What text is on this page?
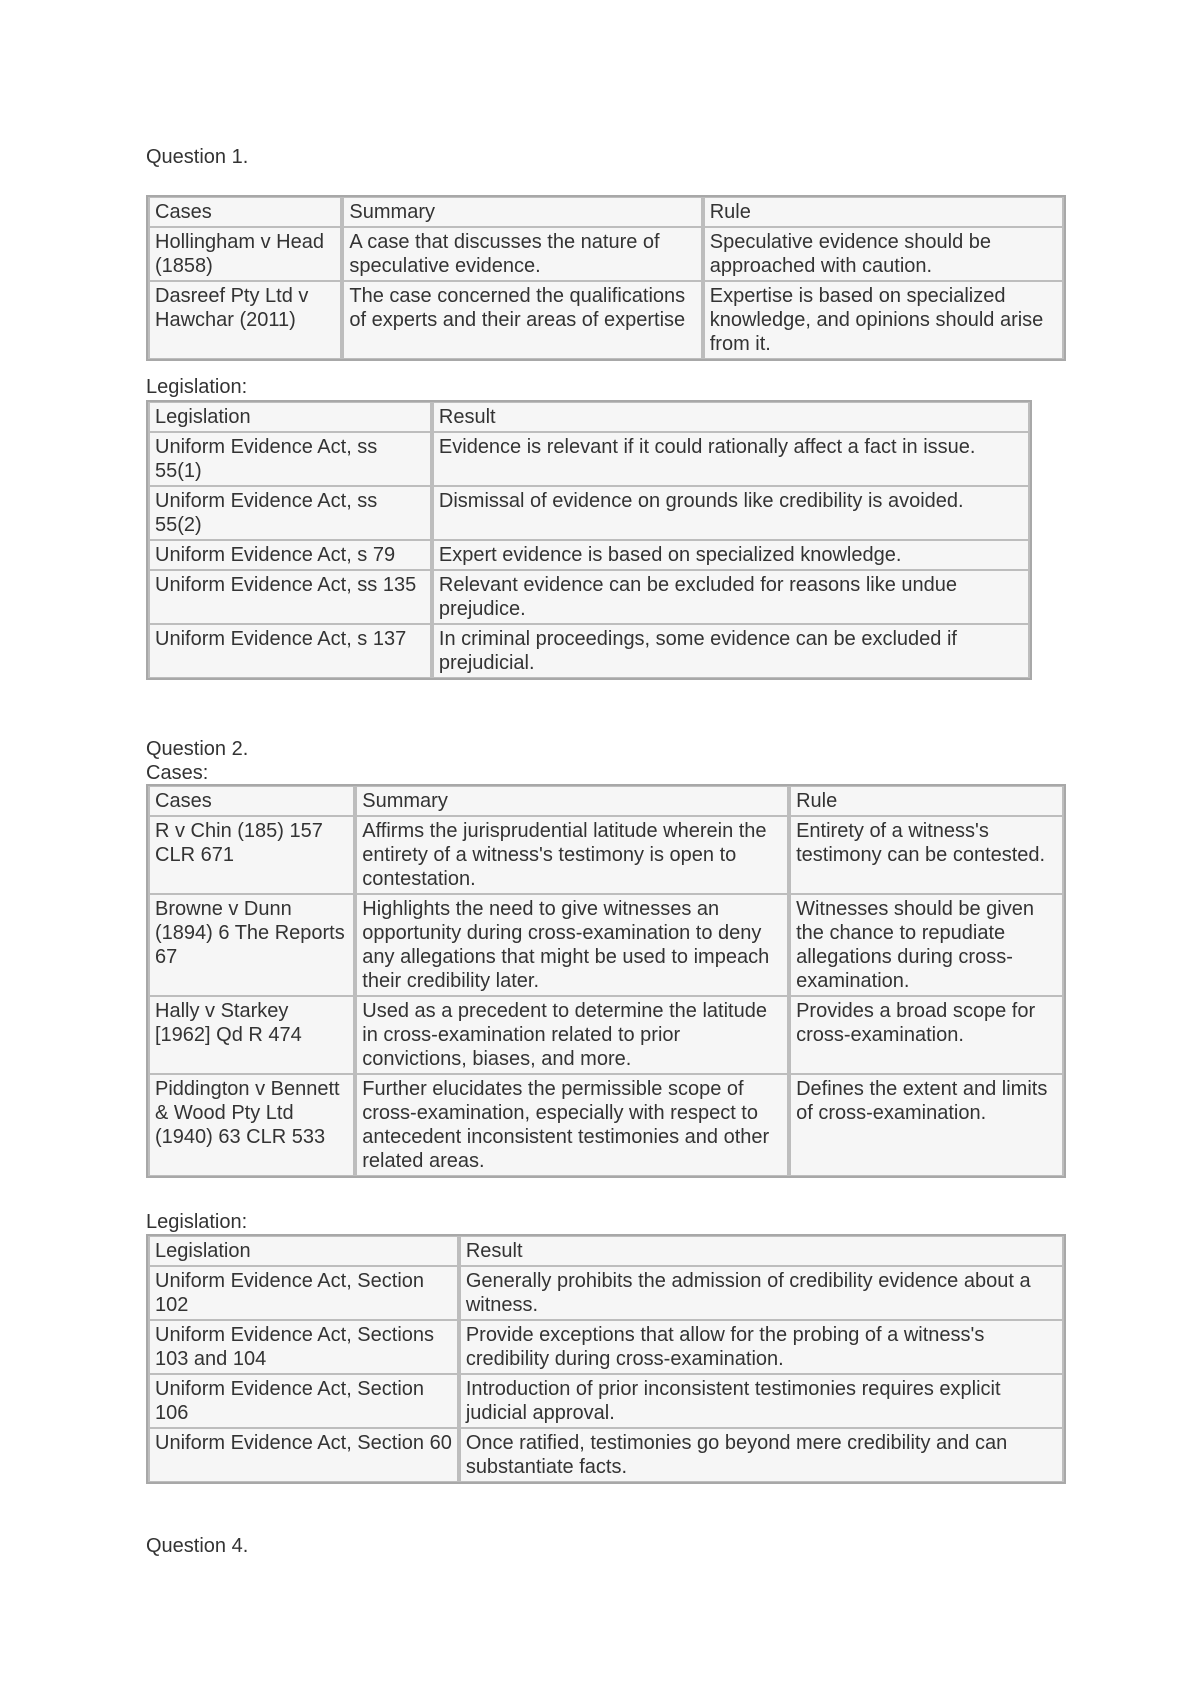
Question 1.
Cases	Summary	Rule
Hollingham v Head (1858)	A case that discusses the nature of speculative evidence.	Speculative evidence should be approached with caution.
Dasreef Pty Ltd v Hawchar (2011)	The case concerned the qualifications of experts and their areas of expertise	Expertise is based on specialized knowledge, and opinions should arise from it.
Legislation:
Legislation	Result
Uniform Evidence Act, ss 55(1)	Evidence is relevant if it could rationally affect a fact in issue.
Uniform Evidence Act, ss 55(2)	Dismissal of evidence on grounds like credibility is avoided.
Uniform Evidence Act, s 79	Expert evidence is based on specialized knowledge.
Uniform Evidence Act, ss 135	Relevant evidence can be excluded for reasons like undue prejudice.
Uniform Evidence Act, s 137	In criminal proceedings, some evidence can be excluded if prejudicial.
Question 2.
Cases:
Cases	Summary	Rule
R v Chin (185) 157 CLR 671	Affirms the jurisprudential latitude wherein the entirety of a witness's testimony is open to contestation.	Entirety of a witness's testimony can be contested.
Browne v Dunn (1894) 6 The Reports 67	Highlights the need to give witnesses an opportunity during cross-examination to deny any allegations that might be used to impeach their credibility later.	Witnesses should be given the chance to repudiate allegations during cross-examination.
Hally v Starkey [1962] Qd R 474	Used as a precedent to determine the latitude in cross-examination related to prior convictions, biases, and more.	Provides a broad scope for cross-examination.
Piddington v Bennett & Wood Pty Ltd (1940) 63 CLR 533	Further elucidates the permissible scope of cross-examination, especially with respect to antecedent inconsistent testimonies and other related areas.	Defines the extent and limits of cross-examination.
Legislation:
Legislation	Result
Uniform Evidence Act, Section 102	Generally prohibits the admission of credibility evidence about a witness.
Uniform Evidence Act, Sections 103 and 104	Provide exceptions that allow for the probing of a witness's credibility during cross-examination.
Uniform Evidence Act, Section 106	Introduction of prior inconsistent testimonies requires explicit judicial approval.
Uniform Evidence Act, Section 60	Once ratified, testimonies go beyond mere credibility and can substantiate facts.
Question 4.
